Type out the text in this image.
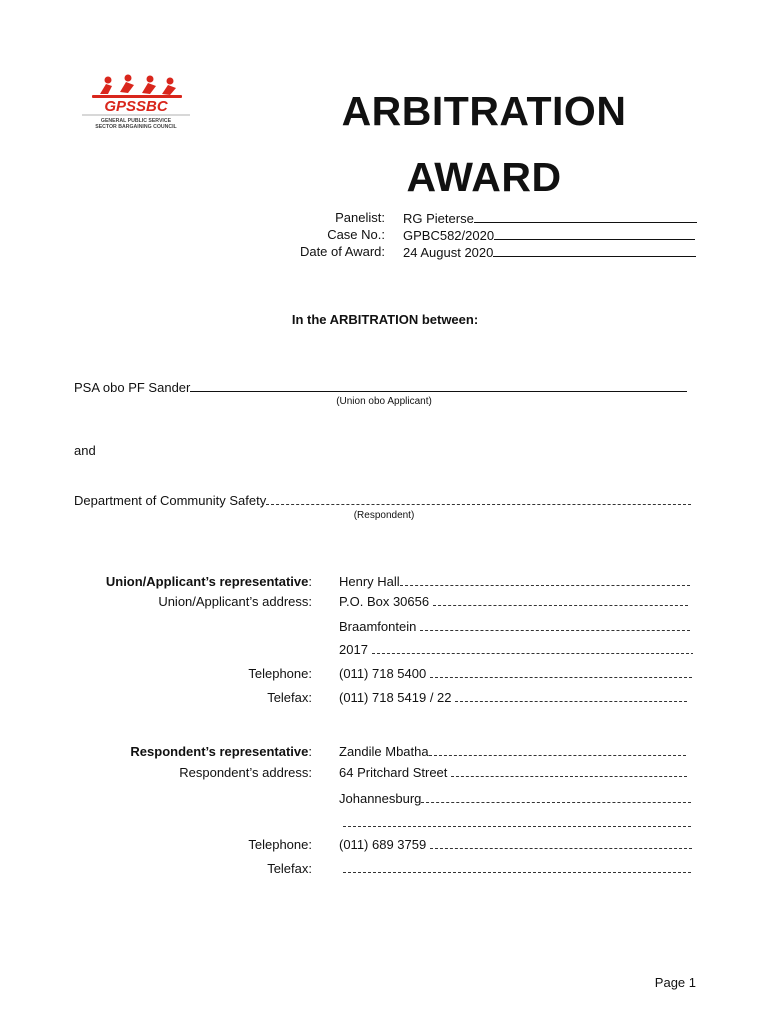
GPSSBC
GENERAL PUBLIC SERVICE
SECTOR BARGAINING COUNCIL	ARBITRATION
AWARD
Panelist: RG Pieterse
Case No.: GPBC582/2020
Date of Award: 24 August 2020
In the ARBITRATION between:
PSA obo PF Sander
(Union obo Applicant)
and
Department of Community Safety
(Respondent)
Union/Applicant’s representative: Henry Hall
Union/Applicant’s address: P.O. Box 30656
Braamfontein
2017
Telephone: (011) 718 5400
Telefax: (011) 718 5419 / 22
Respondent’s representative: Zandile Mbatha
Respondent’s address: 64 Pritchard Street
Johannesburg
Telephone: (011) 689 3759
Telefax:
Page 1
